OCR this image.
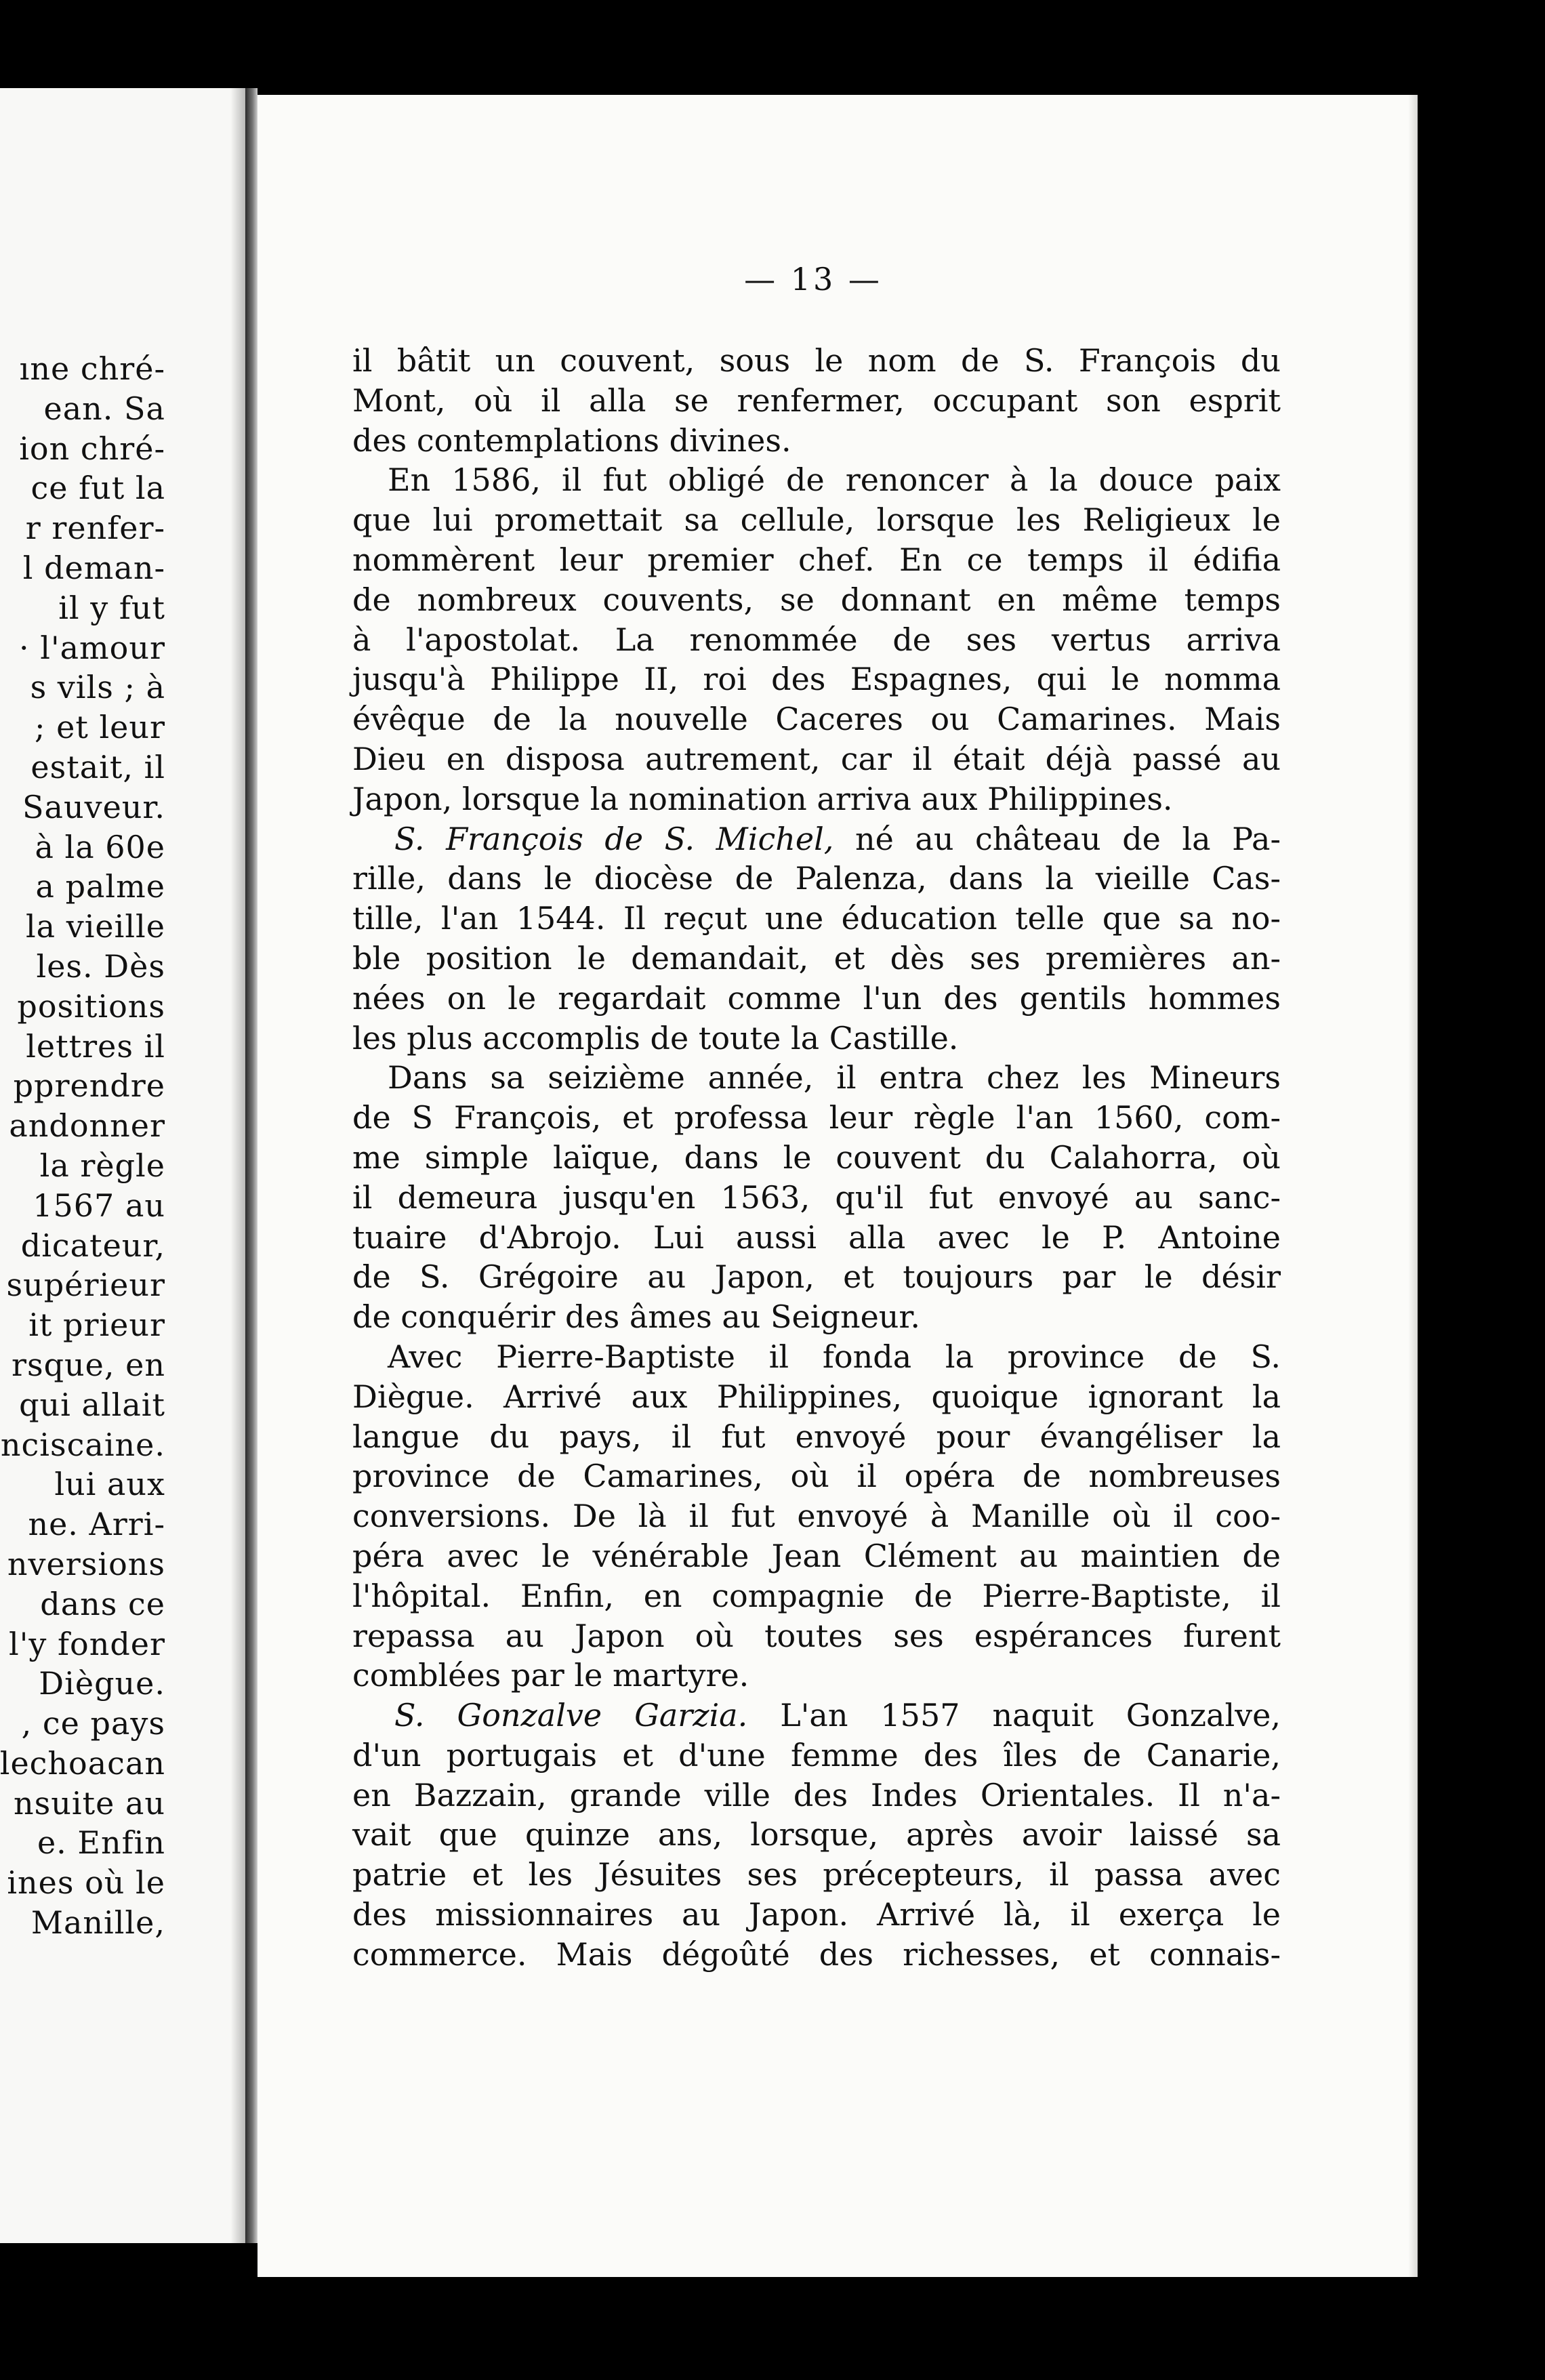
ıne chré-
ean. Sa
ion chré-
ce fut la
r renfer-
l deman-
il y fut
· l'amour
s vils ; à
; et leur
estait, il
Sauveur.
à la 60e
a palme
la vieille
les. Dès
positions
lettres il
pprendre
andonner
la règle
1567 au
dicateur,
supérieur
it prieur
rsque, en
qui allait
nciscaine.
lui aux
ne. Arri-
nversions
dans ce
l'y fonder
Diègue.
, ce pays
lechoacan
nsuite au
e. Enfin
ines où le
Manille,
— 13 —
il bâtit un couvent, sous le nom de S. François du
Mont, où il alla se renfermer, occupant son esprit
des contemplations divines.
En 1586, il fut obligé de renoncer à la douce paix
que lui promettait sa cellule, lorsque les Religieux le
nommèrent leur premier chef. En ce temps il édifia
de nombreux couvents, se donnant en même temps
à l'apostolat. La renommée de ses vertus arriva
jusqu'à Philippe II, roi des Espagnes, qui le nomma
évêque de la nouvelle Caceres ou Camarines. Mais
Dieu en disposa autrement, car il était déjà passé au
Japon, lorsque la nomination arriva aux Philippines.
S. François de S. Michel, né au château de la Pa-
rille, dans le diocèse de Palenza, dans la vieille Cas-
tille, l'an 1544. Il reçut une éducation telle que sa no-
ble position le demandait, et dès ses premières an-
nées on le regardait comme l'un des gentils hommes
les plus accomplis de toute la Castille.
Dans sa seizième année, il entra chez les Mineurs
de S François, et professa leur règle l'an 1560, com-
me simple laïque, dans le couvent du Calahorra, où
il demeura jusqu'en 1563, qu'il fut envoyé au sanc-
tuaire d'Abrojo. Lui aussi alla avec le P. Antoine
de S. Grégoire au Japon, et toujours par le désir
de conquérir des âmes au Seigneur.
Avec Pierre-Baptiste il fonda la province de S.
Diègue. Arrivé aux Philippines, quoique ignorant la
langue du pays, il fut envoyé pour évangéliser la
province de Camarines, où il opéra de nombreuses
conversions. De là il fut envoyé à Manille où il coo-
péra avec le vénérable Jean Clément au maintien de
l'hôpital. Enfin, en compagnie de Pierre-Baptiste, il
repassa au Japon où toutes ses espérances furent
comblées par le martyre.
S. Gonzalve Garzia. L'an 1557 naquit Gonzalve,
d'un portugais et d'une femme des îles de Canarie,
en Bazzain, grande ville des Indes Orientales. Il n'a-
vait que quinze ans, lorsque, après avoir laissé sa
patrie et les Jésuites ses précepteurs, il passa avec
des missionnaires au Japon. Arrivé là, il exerça le
commerce. Mais dégoûté des richesses, et connais-
